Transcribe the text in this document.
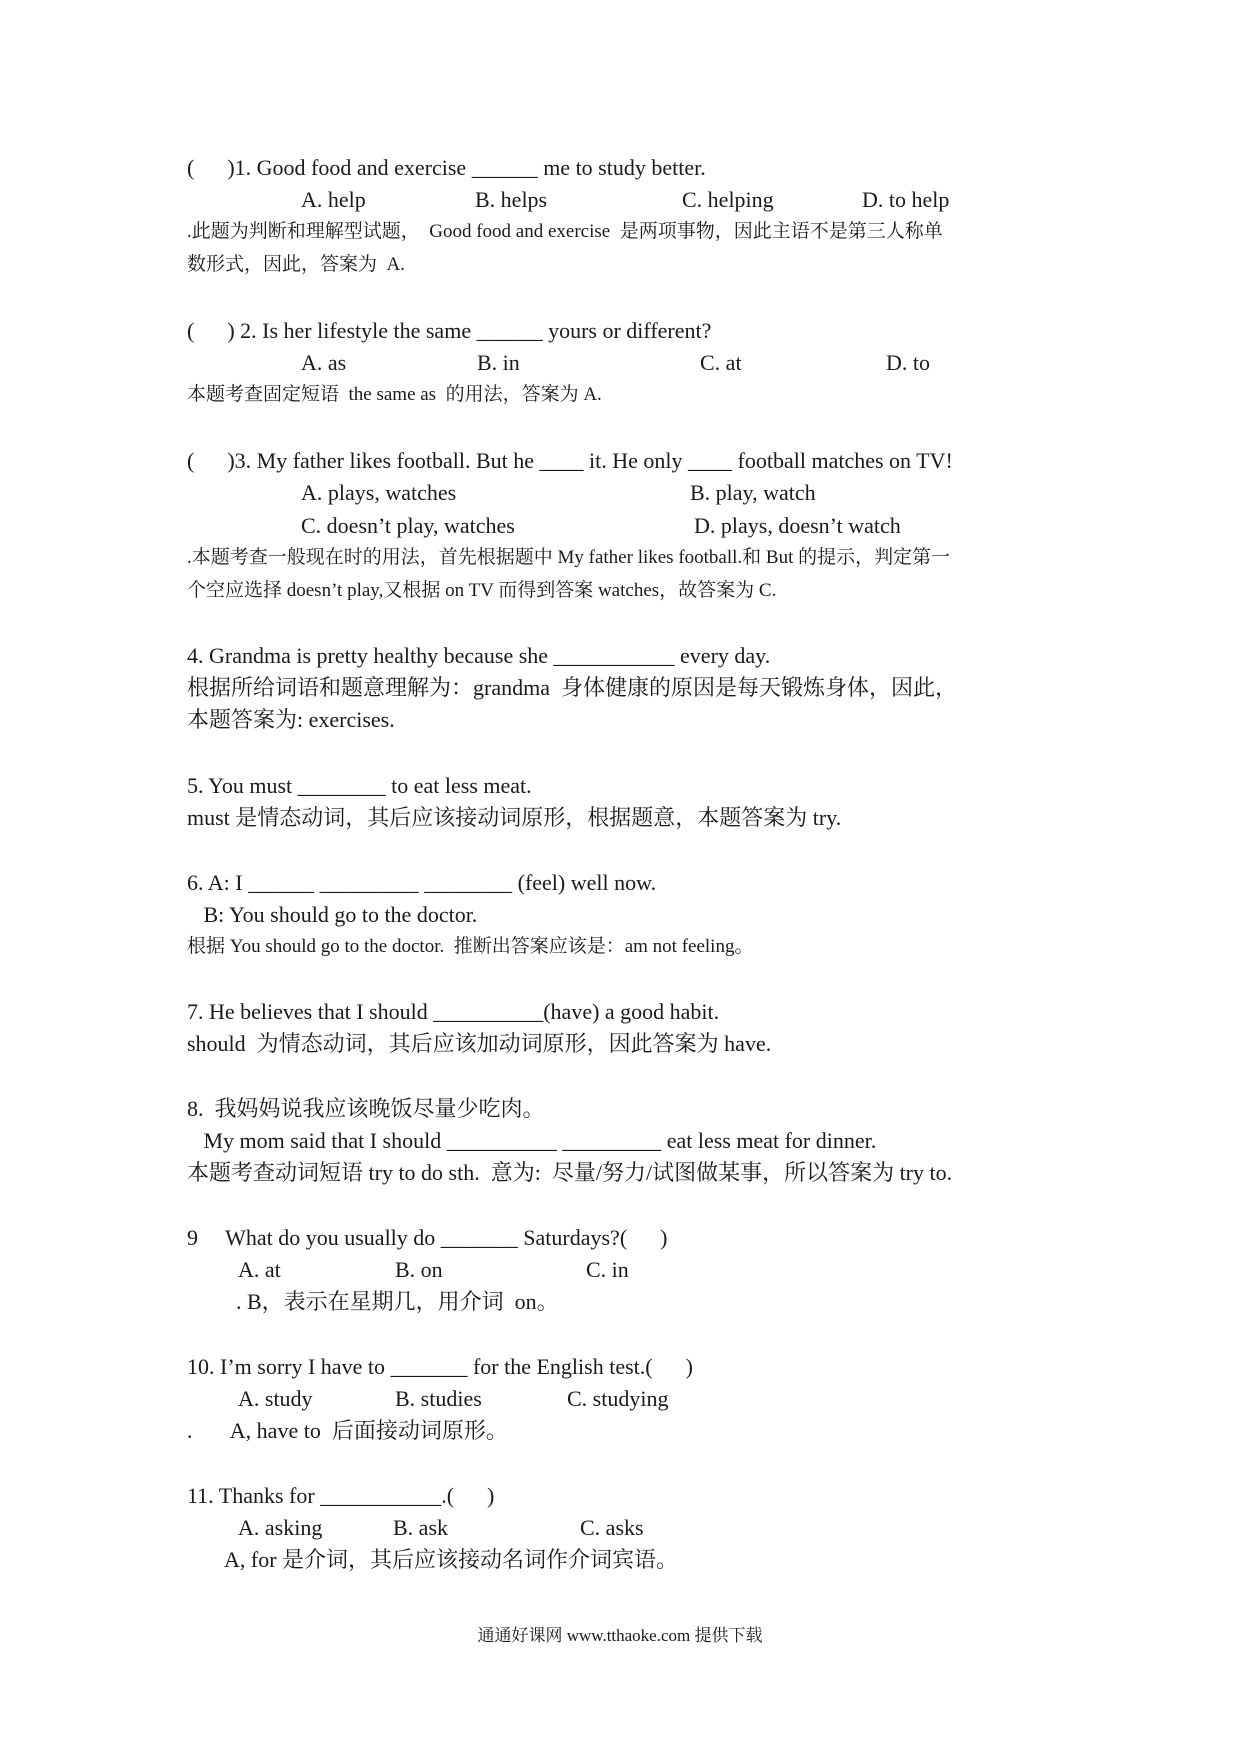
(      )1. Good food and exercise ______ me to study better.
A. help	B. helps	C. helping	D. to help
.此题为判断和理解型试题，  Good food and exercise  是两项事物，因此主语不是第三人称单
数形式，因此，答案为  A.
(      ) 2. Is her lifestyle the same ______ yours or different?
A. as	B. in	C. at	D. to
本题考查固定短语  the same as  的用法，答案为 A.
(      )3. My father likes football. But he ____ it. He only ____ football matches on TV!
A. plays, watches	B. play, watch
C. doesn’t play, watches	D. plays, doesn’t watch
.本题考查一般现在时的用法，首先根据题中 My father likes football.和 But 的提示，判定第一
个空应选择 doesn’t play,又根据 on TV 而得到答案 watches，故答案为 C.
4. Grandma is pretty healthy because she ___________ every day.
根据所给词语和题意理解为：grandma  身体健康的原因是每天锻炼身体，因此，
本题答案为: exercises.
5. You must ________ to eat less meat.
must 是情态动词，其后应该接动词原形，根据题意，本题答案为 try.
6. A: I ______ _________ ________ (feel) well now.
B: You should go to the doctor.
根据 You should go to the doctor.  推断出答案应该是：am not feeling。
7. He believes that I should __________(have) a good habit.
should  为情态动词，其后应该加动词原形，因此答案为 have.
8.  我妈妈说我应该晚饭尽量少吃肉。
My mom said that I should __________ _________ eat less meat for dinner.
本题考查动词短语 try to do sth.  意为:  尽量/努力/试图做某事，所以答案为 try to.
9     What do you usually do _______ Saturdays?(      )
A. at	B. on	C. in
. B，表示在星期几，用介词  on。
10. I’m sorry I have to _______ for the English test.(      )
A. study	B. studies	C. studying
.       A, have to  后面接动词原形。
11. Thanks for ___________.(      )
A. asking	B. ask	C. asks
A, for 是介词，其后应该接动名词作介词宾语。
通通好课网 www.tthaoke.com 提供下载
